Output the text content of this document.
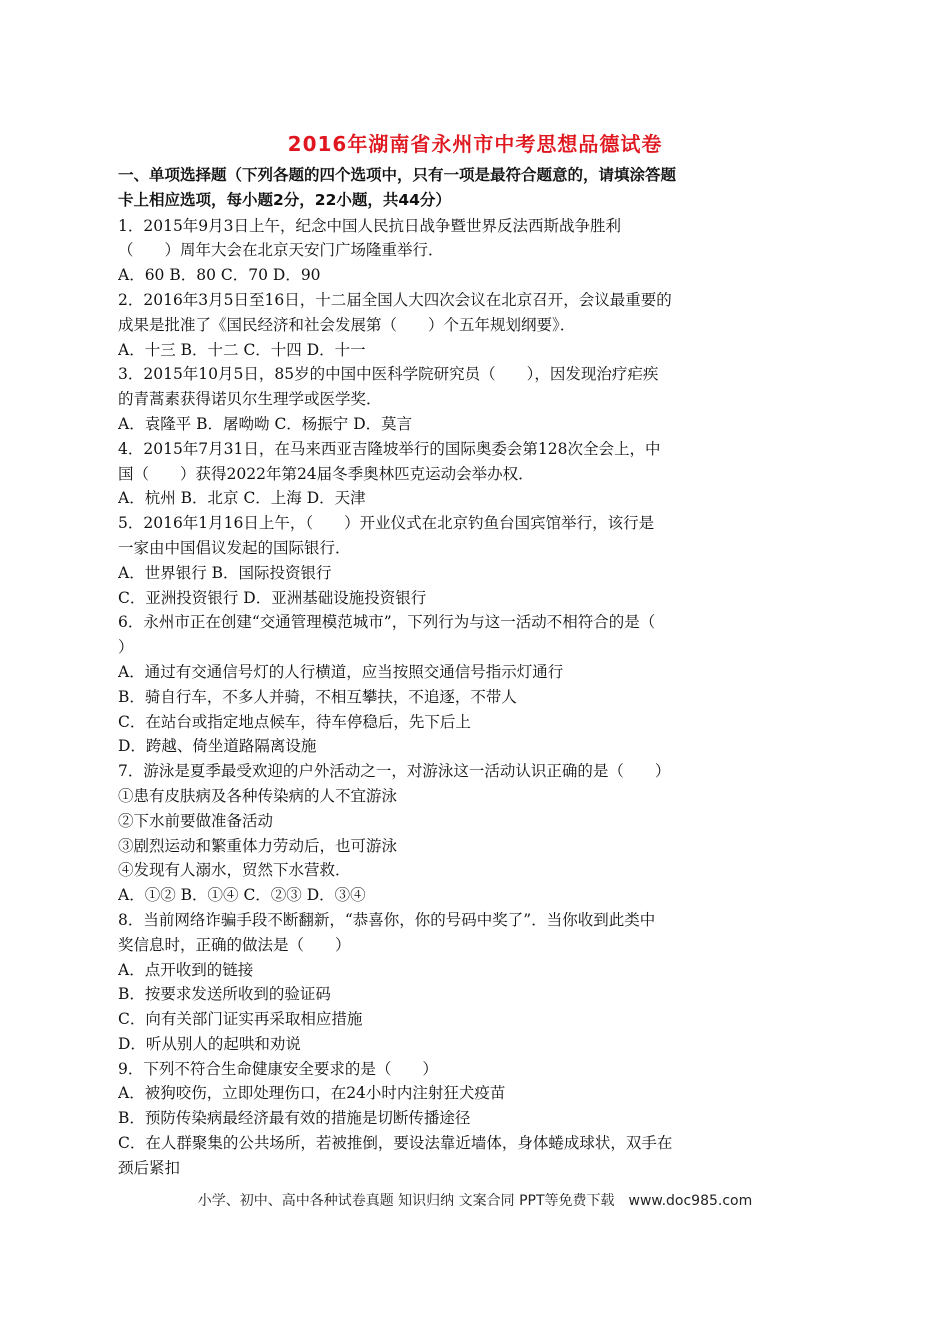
2016年湖南省永州市中考思想品德试卷
一、单项选择题（下列各题的四个选项中，只有一项是最符合题意的，请填涂答题
卡上相应选项，每小题2分，22小题，共44分）
1．2015年9月3日上午，纪念中国人民抗日战争暨世界反法西斯战争胜利
（　　）周年大会在北京天安门广场隆重举行．
A．60 B．80 C．70 D．90
2．2016年3月5日至16日，十二届全国人大四次会议在北京召开，会议最重要的
成果是批准了《国民经济和社会发展第（　　）个五年规划纲要》．
A．十三 B．十二 C．十四 D．十一
3．2015年10月5日，85岁的中国中医科学院研究员（　　），因发现治疗疟疾
的青蒿素获得诺贝尔生理学或医学奖．
A．袁隆平 B．屠呦呦 C．杨振宁 D．莫言
4．2015年7月31日，在马来西亚吉隆坡举行的国际奥委会第128次全会上，中
国（　　）获得2022年第24届冬季奥林匹克运动会举办权．
A．杭州 B．北京 C．上海 D．天津
5．2016年1月16日上午，（　　）开业仪式在北京钓鱼台国宾馆举行，该行是
一家由中国倡议发起的国际银行．
A．世界银行 B．国际投资银行
C．亚洲投资银行 D．亚洲基础设施投资银行
6．永州市正在创建“交通管理模范城市”，下列行为与这一活动不相符合的是（
）
A．通过有交通信号灯的人行横道，应当按照交通信号指示灯通行
B．骑自行车，不多人并骑，不相互攀扶，不追逐，不带人
C．在站台或指定地点候车，待车停稳后，先下后上
D．跨越、倚坐道路隔离设施
7．游泳是夏季最受欢迎的户外活动之一，对游泳这一活动认识正确的是（　　）
①患有皮肤病及各种传染病的人不宜游泳
②下水前要做准备活动
③剧烈运动和繁重体力劳动后，也可游泳
④发现有人溺水，贸然下水营救．
A．①② B．①④ C．②③ D．③④
8．当前网络诈骗手段不断翻新，“恭喜你，你的号码中奖了”．当你收到此类中
奖信息时，正确的做法是（　　）
A．点开收到的链接
B．按要求发送所收到的验证码
C．向有关部门证实再采取相应措施
D．听从别人的起哄和劝说
9．下列不符合生命健康安全要求的是（　　）
A．被狗咬伤，立即处理伤口，在24小时内注射狂犬疫苗
B．预防传染病最经济最有效的措施是切断传播途径
C．在人群聚集的公共场所，若被推倒，要设法靠近墙体，身体蜷成球状，双手在
颈后紧扣
小学、初中、高中各种试卷真题 知识归纳 文案合同 PPT等免费下载　www.doc985.com
